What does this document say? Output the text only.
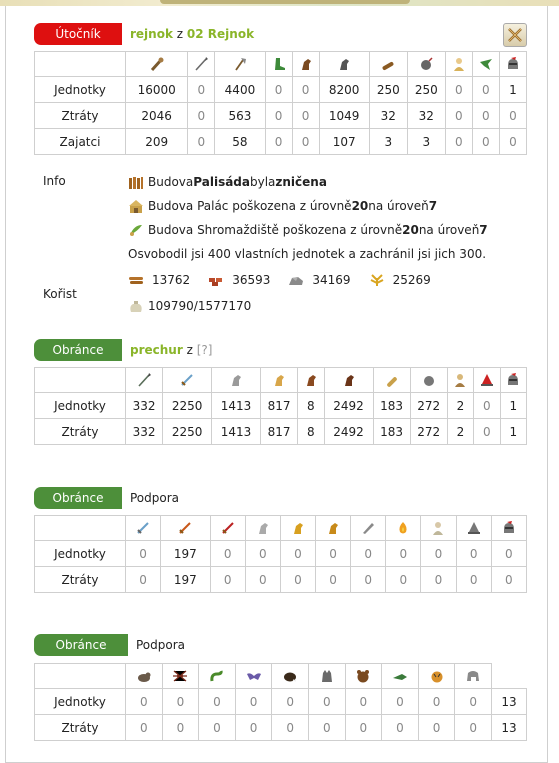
Útočník	rejnok z 02 Rejnok

Jednotky	16000	0	4400	0	0	8200	250	250	0	0	1
Ztráty	2046	0	563	0	0	1049	32	32	0	0	0
Zajatci	209	0	58	0	0	107	3	3	0	0	0
Info	Budova Palisáda byla zničena
Budova Palác poškozena z úrovně 20 na úroveň 7
Budova Shromaždiště poškozena z úrovně 20 na úroveň 7
Osvobodil jsi 400 vlastních jednotek a zachránil jsi jich 300.
Kořist
13762	36593	34169	25269
109790/1577170
Obránce	prechur z [?]

Jednotky	332	2250	1413	817	8	2492	183	272	2	0	1
Ztráty	332	2250	1413	817	8	2492	183	272	2	0	1
Obránce	Podpora

Jednotky	0	197	0	0	0	0	0	0	0	0	0
Ztráty	0	197	0	0	0	0	0	0	0	0	0
Obránce	Podpora

Jednotky	0	0	0	0	0	0	0	0	0	0	13
Ztráty	0	0	0	0	0	0	0	0	0	0	13
